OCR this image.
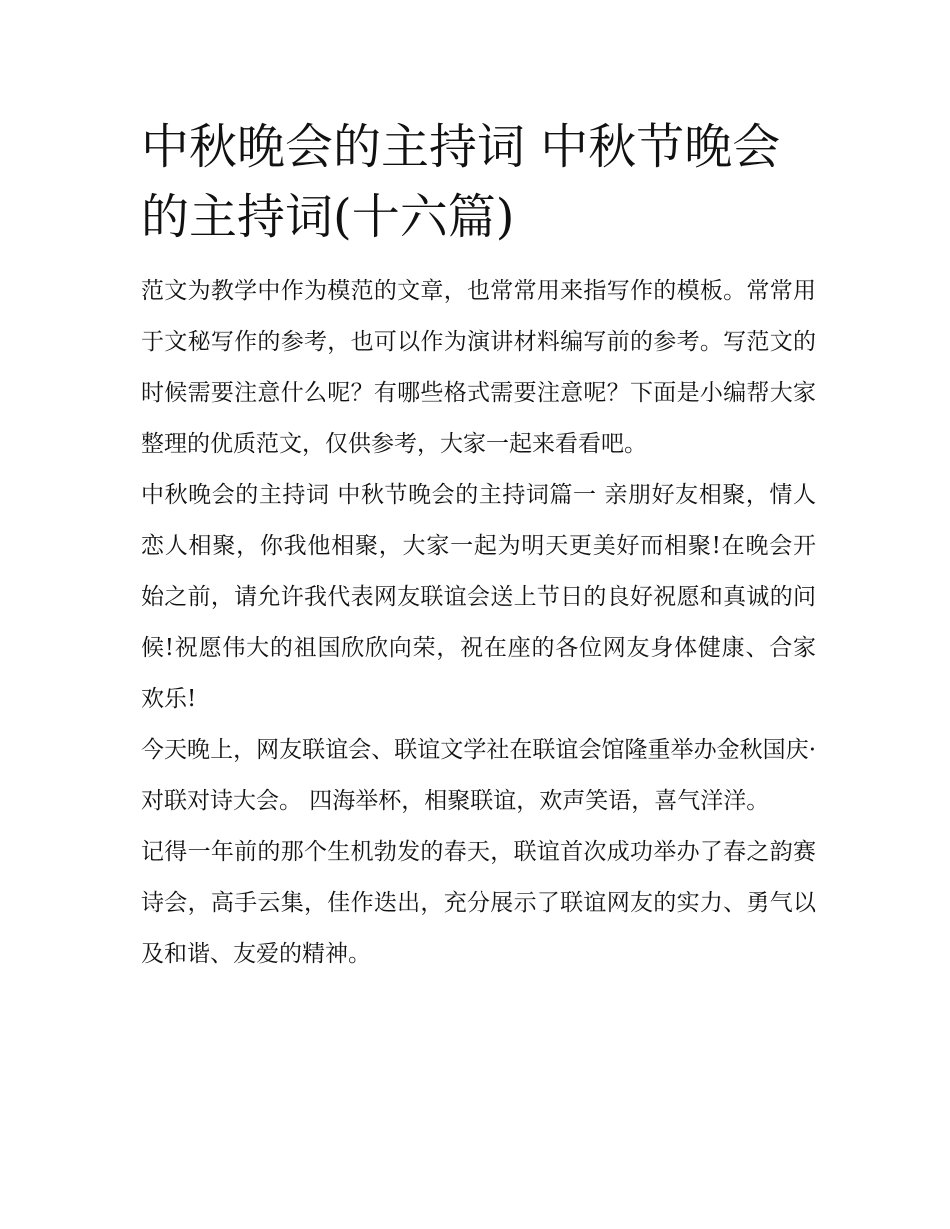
中秋晚会的主持词 中秋节晚会的主持词(十六篇)

范文为教学中作为模范的文章，也常常用来指写作的模板。常常用于文秘写作的参考，也可以作为演讲材料编写前的参考。写范文的时候需要注意什么呢？有哪些格式需要注意呢？下面是小编帮大家整理的优质范文，仅供参考，大家一起来看看吧。

中秋晚会的主持词 中秋节晚会的主持词篇一 亲朋好友相聚，情人恋人相聚，你我他相聚，大家一起为明天更美好而相聚!在晚会开始之前，请允许我代表网友联谊会送上节日的良好祝愿和真诚的问候!祝愿伟大的祖国欣欣向荣，祝在座的各位网友身体健康、合家欢乐!

今天晚上，网友联谊会、联谊文学社在联谊会馆隆重举办金秋国庆·对联对诗大会。 四海举杯，相聚联谊，欢声笑语，喜气洋洋。

记得一年前的那个生机勃发的春天，联谊首次成功举办了春之韵赛诗会，高手云集，佳作迭出，充分展示了联谊网友的实力、勇气以及和谐、友爱的精神。
